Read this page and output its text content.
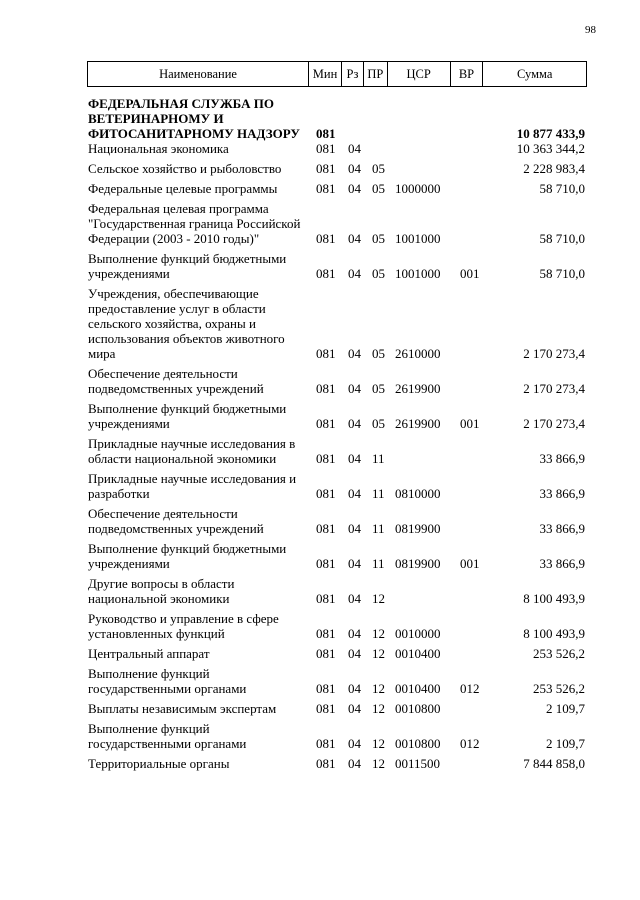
98
Наименование	Мин Рз ПР	ЦСР	ВР	Сумма
ФЕДЕРАЛЬНАЯ СЛУЖБА ПО ВЕТЕРИНАРНОМУ И ФИТОСАНИТАРНОМУ НАДЗОРУ	081	10 877 433,9
Национальная экономика	081 04	10 363 344,2
Сельское хозяйство и рыболовство	081 04 05	2 228 983,4
Федеральные целевые программы	081 04 05 1000000	58 710,0
Федеральная целевая программа "Государственная граница Российской Федерации (2003 - 2010 годы)"	081 04 05 1001000	58 710,0
Выполнение функций бюджетными учреждениями	081 04 05 1001000	001	58 710,0
Учреждения, обеспечивающие предоставление услуг в области сельского хозяйства, охраны и использования объектов животного мира	081 04 05 2610000	2 170 273,4
Обеспечение деятельности подведомственных учреждений	081 04 05 2619900	2 170 273,4
Выполнение функций бюджетными учреждениями	081 04 05 2619900	001	2 170 273,4
Прикладные научные исследования в области национальной экономики	081 04 11	33 866,9
Прикладные научные исследования и разработки	081 04 11 0810000	33 866,9
Обеспечение деятельности подведомственных учреждений	081 04 11 0819900	33 866,9
Выполнение функций бюджетными учреждениями	081 04 11 0819900	001	33 866,9
Другие вопросы в области национальной экономики	081 04 12	8 100 493,9
Руководство и управление в сфере установленных функций	081 04 12 0010000	8 100 493,9
Центральный аппарат	081 04 12 0010400	253 526,2
Выполнение функций государственными органами	081 04 12 0010400	012	253 526,2
Выплаты независимым экспертам	081 04 12 0010800	2 109,7
Выполнение функций государственными органами	081 04 12 0010800	012	2 109,7
Территориальные органы	081 04 12 0011500	7 844 858,0
